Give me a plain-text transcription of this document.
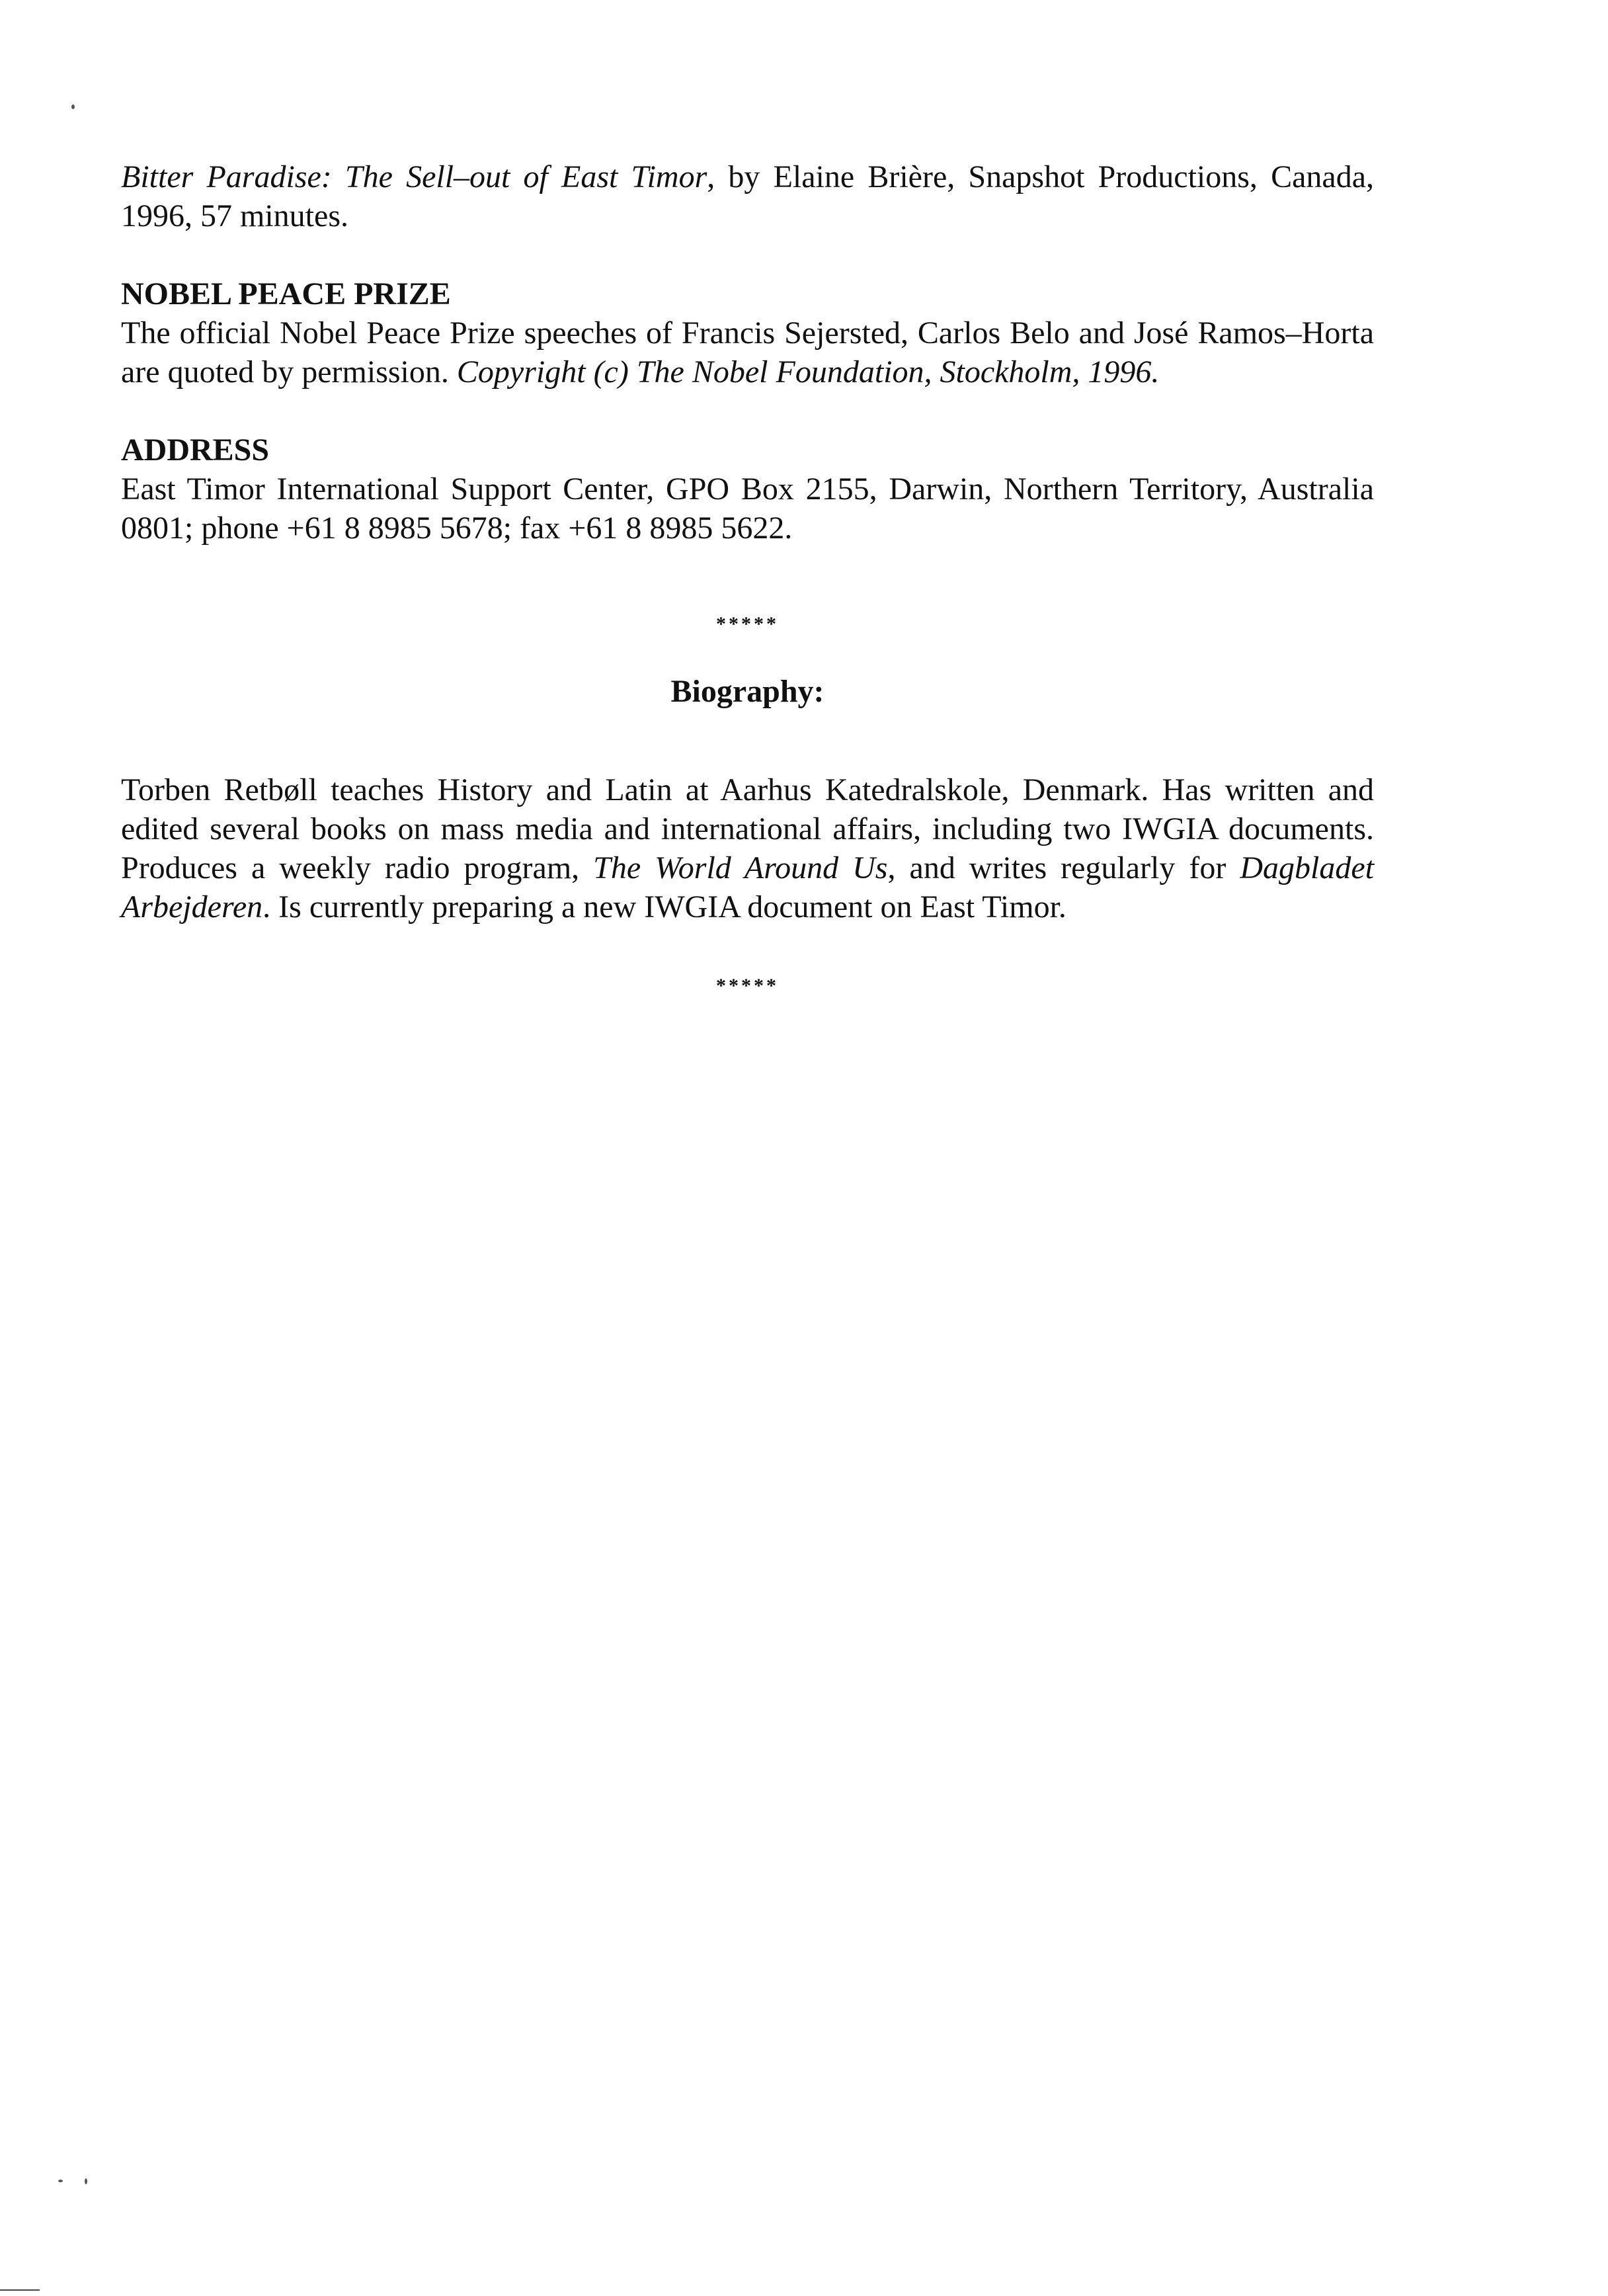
Bitter Paradise: The Sell–out of East Timor, by Elaine Brière, Snapshot Productions, Canada, 1996, 57 minutes.

NOBEL PEACE PRIZE

The official Nobel Peace Prize speeches of Francis Sejersted, Carlos Belo and José Ramos–Horta are quoted by permission. Copyright (c) The Nobel Foundation, Stockholm, 1996.

ADDRESS

East Timor International Support Center, GPO Box 2155, Darwin, Northern Territory, Australia 0801; phone +61 8 8985 5678; fax +61 8 8985 5622.

*****
Biography:

Torben Retbøll teaches History and Latin at Aarhus Katedralskole, Denmark. Has written and edited several books on mass media and international affairs, including two IWGIA documents. Produces a weekly radio program, The World Around Us, and writes regularly for Dagbladet Arbejderen. Is currently preparing a new IWGIA document on East Timor.

*****
